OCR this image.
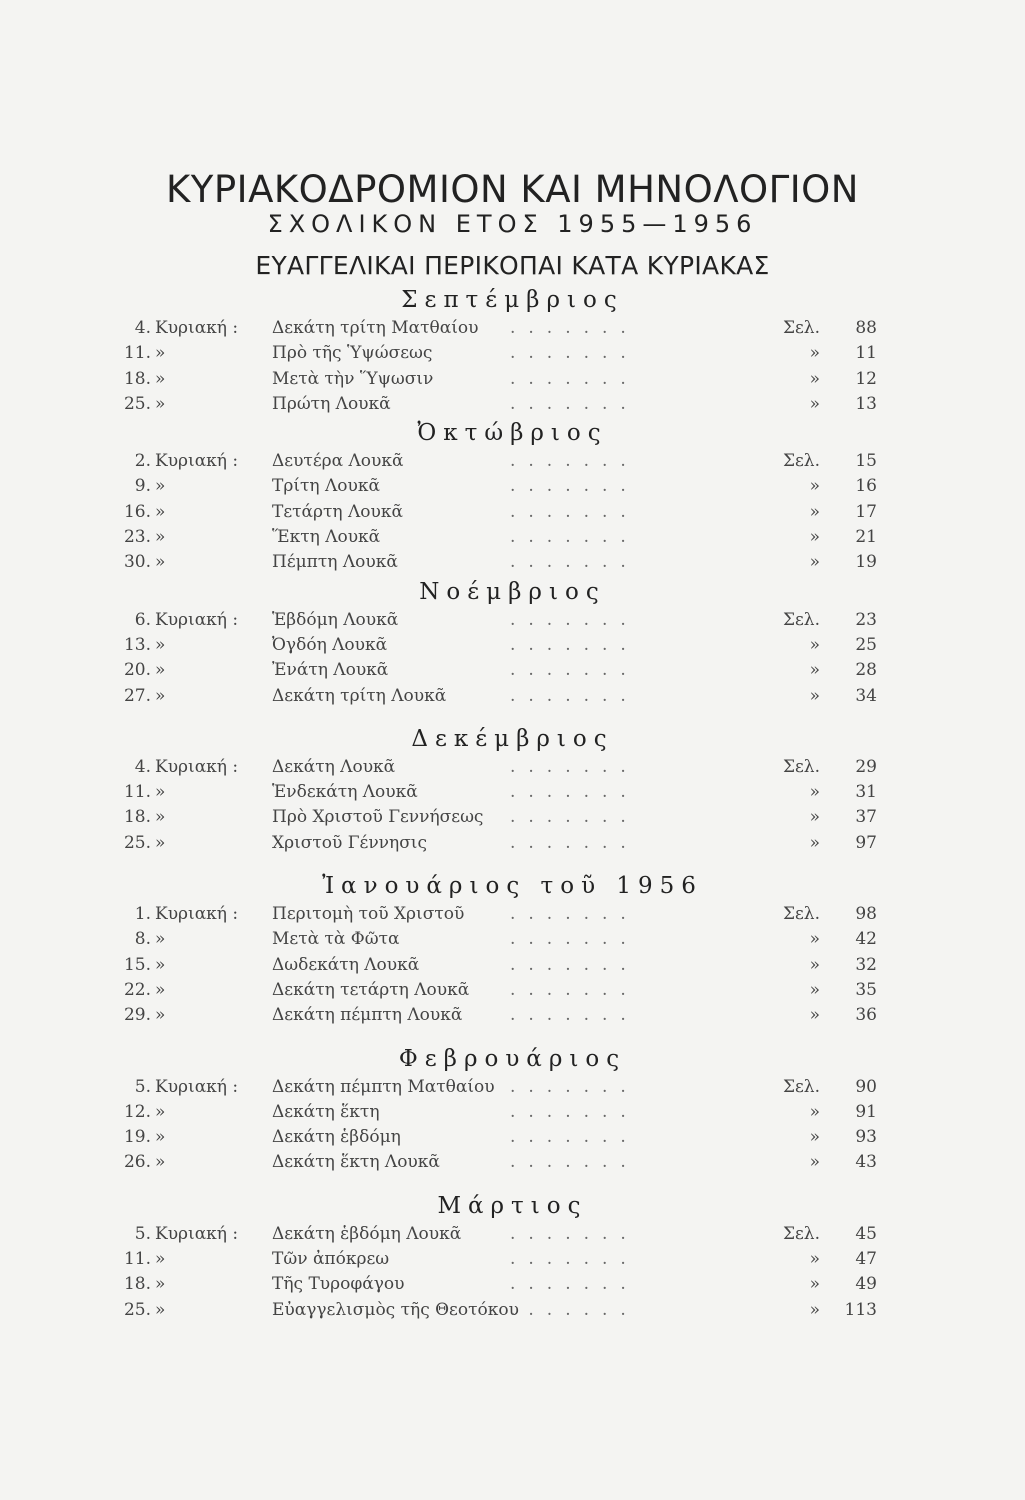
ΚΥΡΙΑΚΟΔΡΟΜΙΟΝ ΚΑΙ ΜΗΝΟΛΟΓΙΟΝ
ΣΧΟΛΙΚΟΝ ΕΤΟΣ 1955—1956
ΕΥΑΓΓΕΛΙΚΑΙ ΠΕΡΙΚΟΠΑΙ ΚΑΤΑ ΚΥΡΙΑΚΑΣ
Σεπτέμβριος
4. Κυριακή : Δεκάτη τρίτη Ματθαίου	Σελ.	88
.......
11. »	Πρὸ τῆς Ὑψώσεως	»	11
.......
18. »	Μετὰ τὴν Ὕψωσιν	»	12
.......
25. »	Πρώτη Λουκᾶ	»	13
.......
Ὀκτώβριος
2. Κυριακή : Δευτέρα Λουκᾶ	Σελ.	15
.......
9. »	Τρίτη Λουκᾶ	»	16
.......
16. »	Τετάρτη Λουκᾶ	»	17
.......
23. »	Ἕκτη Λουκᾶ	»	21
.......
30. »	Πέμπτη Λουκᾶ	»	19
.......
Νοέμβριος
6. Κυριακή : Ἑβδόμη Λουκᾶ	Σελ.	23
.......
13. »	Ὀγδόη Λουκᾶ	»	25
.......
20. »	Ἐνάτη Λουκᾶ	»	28
.......
27. »	Δεκάτη τρίτη Λουκᾶ	»	34
.......
Δεκέμβριος
4. Κυριακή : Δεκάτη Λουκᾶ	Σελ.	29
.......
11. »	Ἑνδεκάτη Λουκᾶ	»	31
.......
18. »	Πρὸ Χριστοῦ Γεννήσεως	»	37
.......
25. »	Χριστοῦ Γέννησις	»	97
.......
Ἰανουάριος τοῦ 1956
1. Κυριακή : Περιτομὴ τοῦ Χριστοῦ	Σελ.	98
.......
8. »	Μετὰ τὰ Φῶτα	»	42
.......
15. »	Δωδεκάτη Λουκᾶ	»	32
.......
22. »	Δεκάτη τετάρτη Λουκᾶ	»	35
.......
29. »	Δεκάτη πέμπτη Λουκᾶ	»	36
.......
Φεβρουάριος
5. Κυριακή : Δεκάτη πέμπτη Ματθαίου	Σελ.	90
.......
12. »	Δεκάτη ἕκτη	»	91
.......
19. »	Δεκάτη ἑβδόμη	»	93
.......
26. »	Δεκάτη ἕκτη Λουκᾶ	»	43
.......
Μάρτιος
5. Κυριακή : Δεκάτη ἑβδόμη Λουκᾶ	Σελ.	45
.......
11. »	Τῶν ἀπόκρεω	»	47
.......
18. »	Τῆς Τυροφάγου	»	49
.......
25. »	Εὐαγγελισμὸς τῆς Θεοτόκου	»	113
.......
